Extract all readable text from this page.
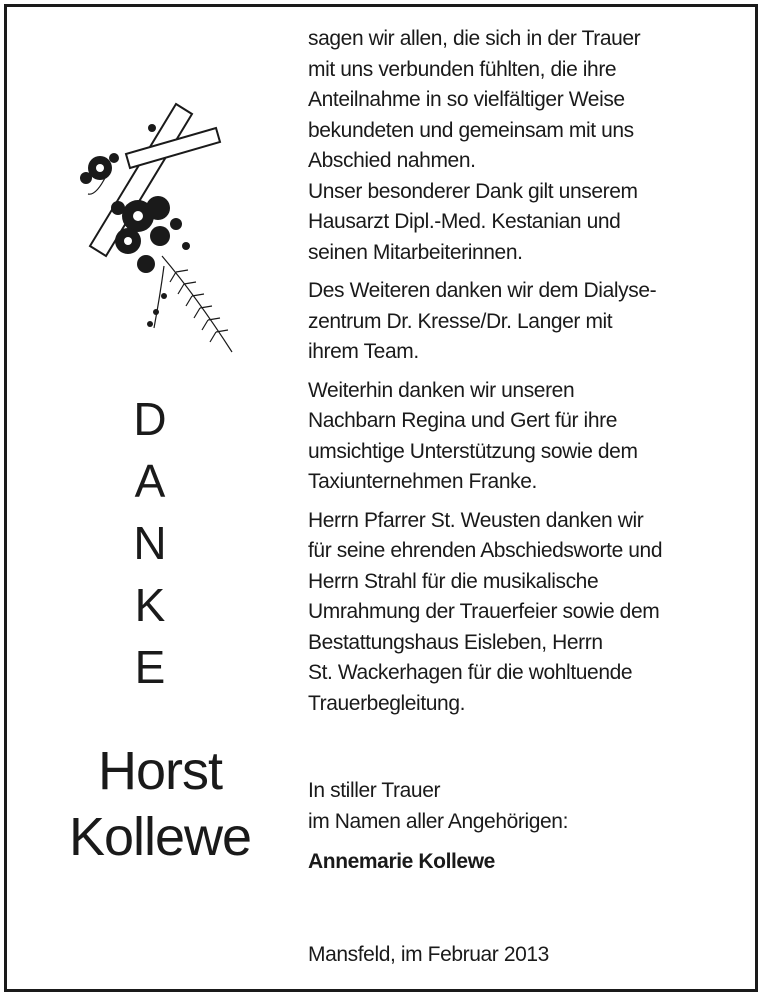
D
A
N
K
E
Horst
Kollewe

sagen wir allen, die sich in der Trauer

mit uns verbunden fühlten, die ihre

Anteilnahme in so vielfältiger Weise

bekundeten und gemeinsam mit uns

Abschied nahmen.

Unser besonderer Dank gilt unserem

Hausarzt Dipl.-Med. Kestanian und

seinen Mitarbeiterinnen.

Des Weiteren danken wir dem Dialyse-

zentrum Dr. Kresse/Dr. Langer mit

ihrem Team.

Weiterhin danken wir unseren

Nachbarn Regina und Gert für ihre

umsichtige Unterstützung sowie dem

Taxiunternehmen Franke.

Herrn Pfarrer St. Weusten danken wir

für seine ehrenden Abschiedsworte und

Herrn Strahl für die musikalische

Umrahmung der Trauerfeier sowie dem

Bestattungshaus Eisleben, Herrn

St. Wackerhagen für die wohltuende

Trauerbegleitung.

In stiller Trauer

im Namen aller Angehörigen:

Annemarie Kollewe

Mansfeld, im Februar 2013
